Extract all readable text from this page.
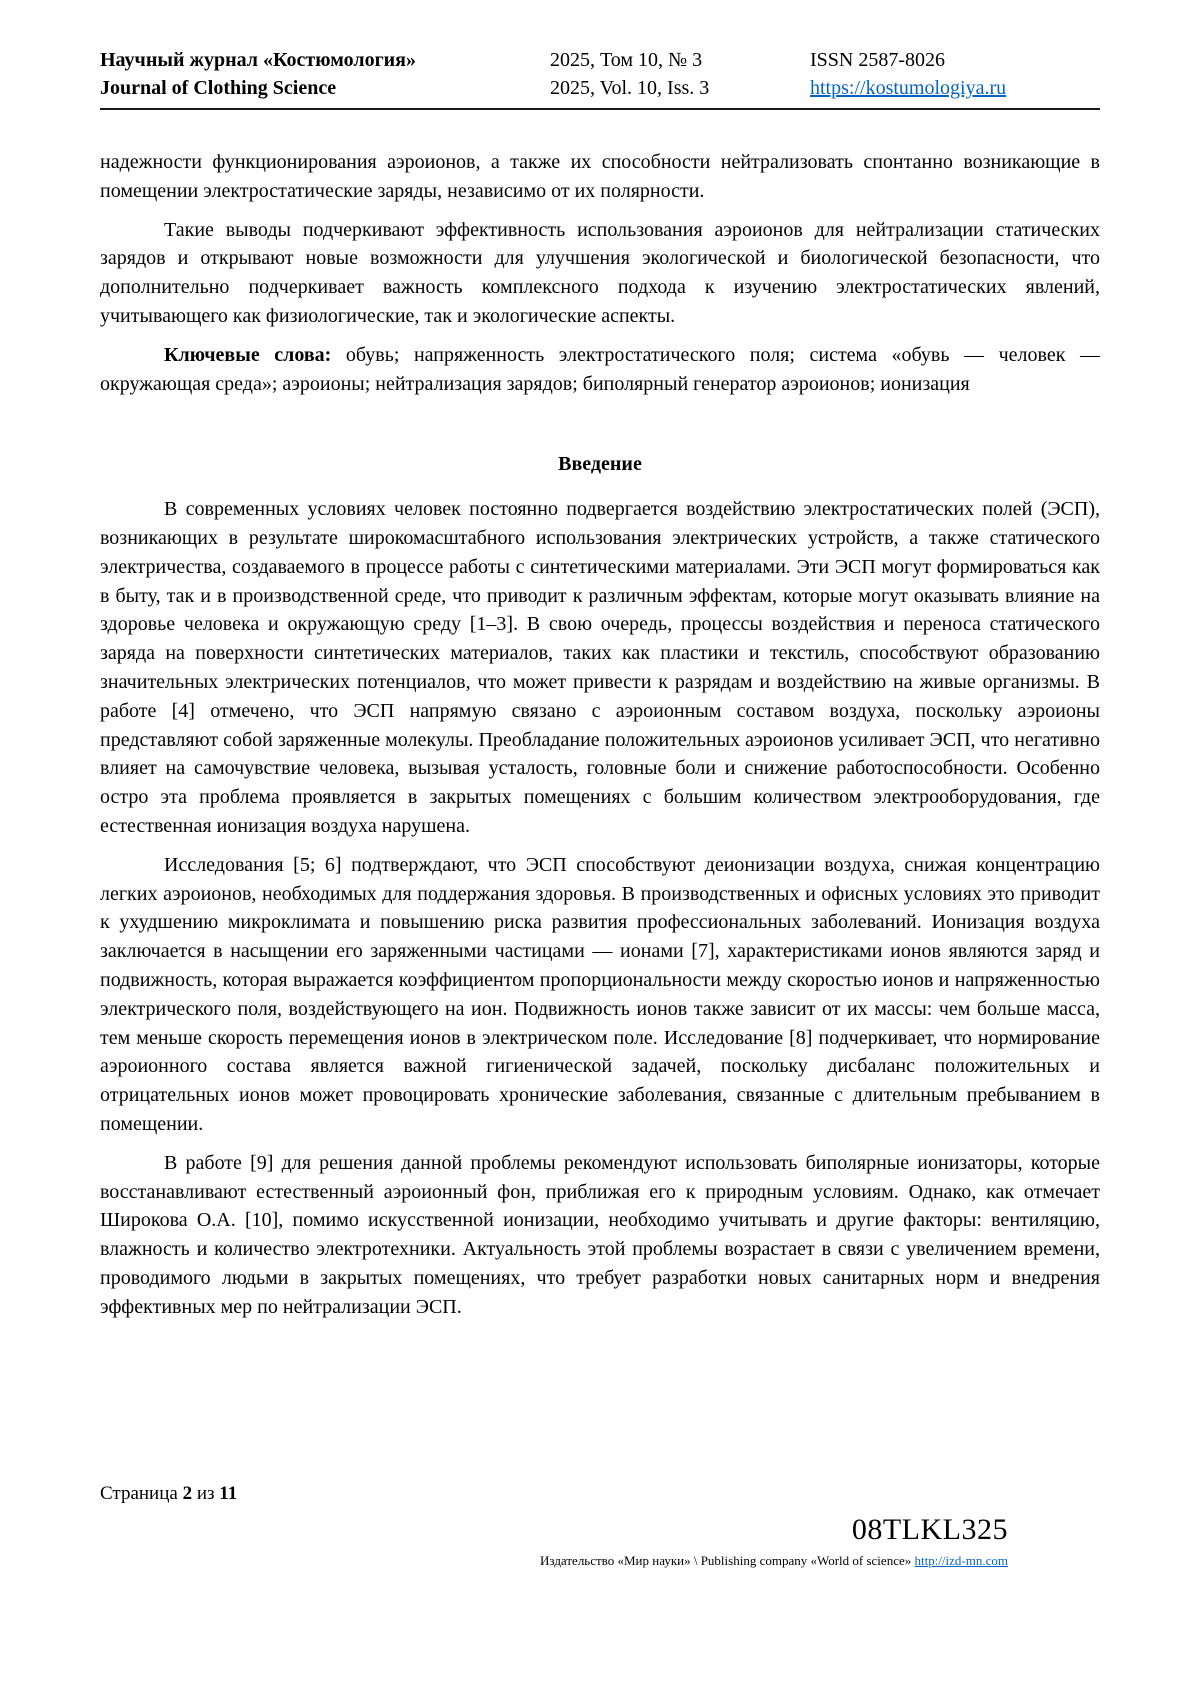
Научный журнал «Костюмология»
Journal of Clothing Science
2025, Том 10, № 3
2025, Vol. 10, Iss. 3
ISSN 2587-8026
https://kostumologiya.ru

надежности функционирования аэроионов, а также их способности нейтрализовать спонтанно возникающие в помещении электростатические заряды, независимо от их полярности.

Такие выводы подчеркивают эффективность использования аэроионов для нейтрализации статических зарядов и открывают новые возможности для улучшения экологической и биологической безопасности, что дополнительно подчеркивает важность комплексного подхода к изучению электростатических явлений, учитывающего как физиологические, так и экологические аспекты.

Ключевые слова: обувь; напряженность электростатического поля; система «обувь — человек — окружающая среда»; аэроионы; нейтрализация зарядов; биполярный генератор аэроионов; ионизация

Введение

В современных условиях человек постоянно подвергается воздействию электростатических полей (ЭСП), возникающих в результате широкомасштабного использования электрических устройств, а также статического электричества, создаваемого в процессе работы с синтетическими материалами. Эти ЭСП могут формироваться как в быту, так и в производственной среде, что приводит к различным эффектам, которые могут оказывать влияние на здоровье человека и окружающую среду [1–3]. В свою очередь, процессы воздействия и переноса статического заряда на поверхности синтетических материалов, таких как пластики и текстиль, способствуют образованию значительных электрических потенциалов, что может привести к разрядам и воздействию на живые организмы. В работе [4] отмечено, что ЭСП напрямую связано с аэроионным составом воздуха, поскольку аэроионы представляют собой заряженные молекулы. Преобладание положительных аэроионов усиливает ЭСП, что негативно влияет на самочувствие человека, вызывая усталость, головные боли и снижение работоспособности. Особенно остро эта проблема проявляется в закрытых помещениях с большим количеством электрооборудования, где естественная ионизация воздуха нарушена.

Исследования [5; 6] подтверждают, что ЭСП способствуют деионизации воздуха, снижая концентрацию легких аэроионов, необходимых для поддержания здоровья. В производственных и офисных условиях это приводит к ухудшению микроклимата и повышению риска развития профессиональных заболеваний. Ионизация воздуха заключается в насыщении его заряженными частицами — ионами [7], характеристиками ионов являются заряд и подвижность, которая выражается коэффициентом пропорциональности между скоростью ионов и напряженностью электрического поля, воздействующего на ион. Подвижность ионов также зависит от их массы: чем больше масса, тем меньше скорость перемещения ионов в электрическом поле. Исследование [8] подчеркивает, что нормирование аэроионного состава является важной гигиенической задачей, поскольку дисбаланс положительных и отрицательных ионов может провоцировать хронические заболевания, связанные с длительным пребыванием в помещении.

В работе [9] для решения данной проблемы рекомендуют использовать биполярные ионизаторы, которые восстанавливают естественный аэроионный фон, приближая его к природным условиям. Однако, как отмечает Широкова О.А. [10], помимо искусственной ионизации, необходимо учитывать и другие факторы: вентиляцию, влажность и количество электротехники. Актуальность этой проблемы возрастает в связи с увеличением времени, проводимого людьми в закрытых помещениях, что требует разработки новых санитарных норм и внедрения эффективных мер по нейтрализации ЭСП.

Страница 2 из 11
08TLKL325
Издательство «Мир науки» \ Publishing company «World of science» http://izd-mn.com
